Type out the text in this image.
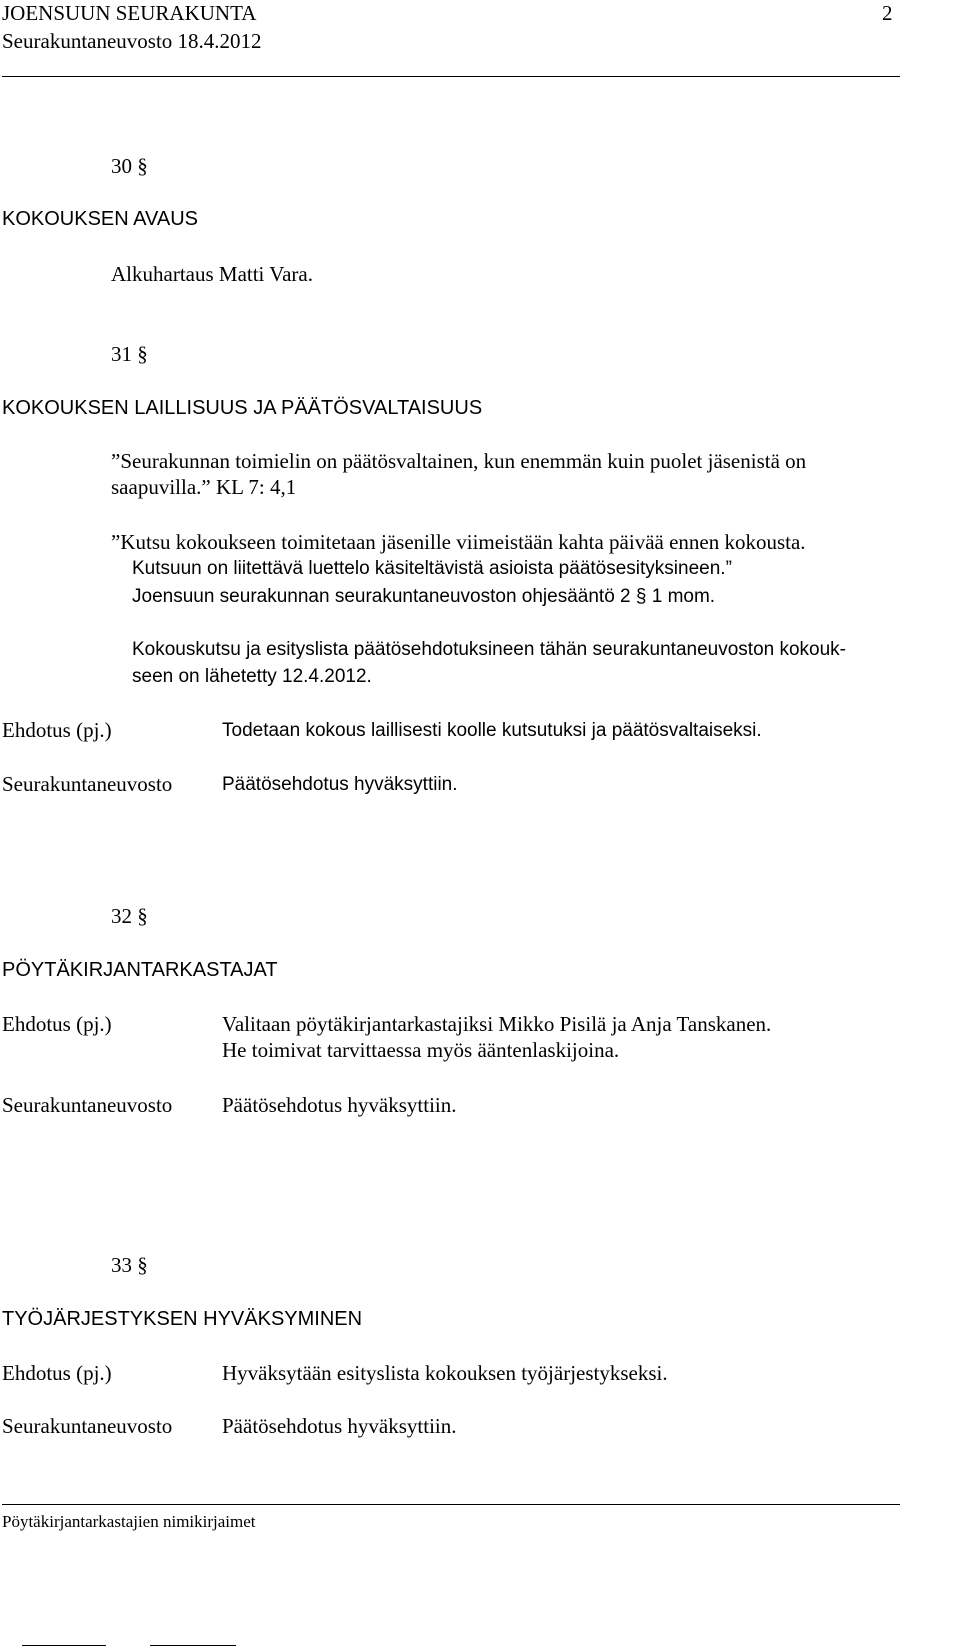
JOENSUUN SEURAKUNTA	2
Seurakuntaneuvosto 18.4.2012
30 §
KOKOUKSEN AVAUS
Alkuhartaus Matti Vara.
31 §
KOKOUKSEN LAILLISUUS JA PÄÄTÖSVALTAISUUS
”Seurakunnan toimielin on päätösvaltainen, kun enemmän kuin puolet jäsenistä on
saapuvilla.” KL 7: 4,1
”Kutsu kokoukseen toimitetaan jäsenille viimeistään kahta päivää ennen kokousta.
Kutsuun on liitettävä luettelo käsiteltävistä asioista päätösesityksineen.”
Joensuun seurakunnan seurakuntaneuvoston ohjesääntö 2 § 1 mom.
Kokouskutsu ja esityslista päätösehdotuksineen tähän seurakuntaneuvoston kokouk-
seen on lähetetty 12.4.2012.
Ehdotus (pj.)	Todetaan kokous laillisesti koolle kutsutuksi ja päätösvaltaiseksi.
Seurakuntaneuvosto	Päätösehdotus hyväksyttiin.
32 §
PÖYTÄKIRJANTARKASTAJAT
Ehdotus (pj.)	Valitaan pöytäkirjantarkastajiksi Mikko Pisilä ja Anja Tanskanen.
He toimivat tarvittaessa myös ääntenlaskijoina.
Seurakuntaneuvosto Päätösehdotus hyväksyttiin.
33 §
TYÖJÄRJESTYKSEN HYVÄKSYMINEN
Ehdotus (pj.)	Hyväksytään esityslista kokouksen työjärjestykseksi.
Seurakuntaneuvosto Päätösehdotus hyväksyttiin.
Pöytäkirjantarkastajien nimikirjaimet
